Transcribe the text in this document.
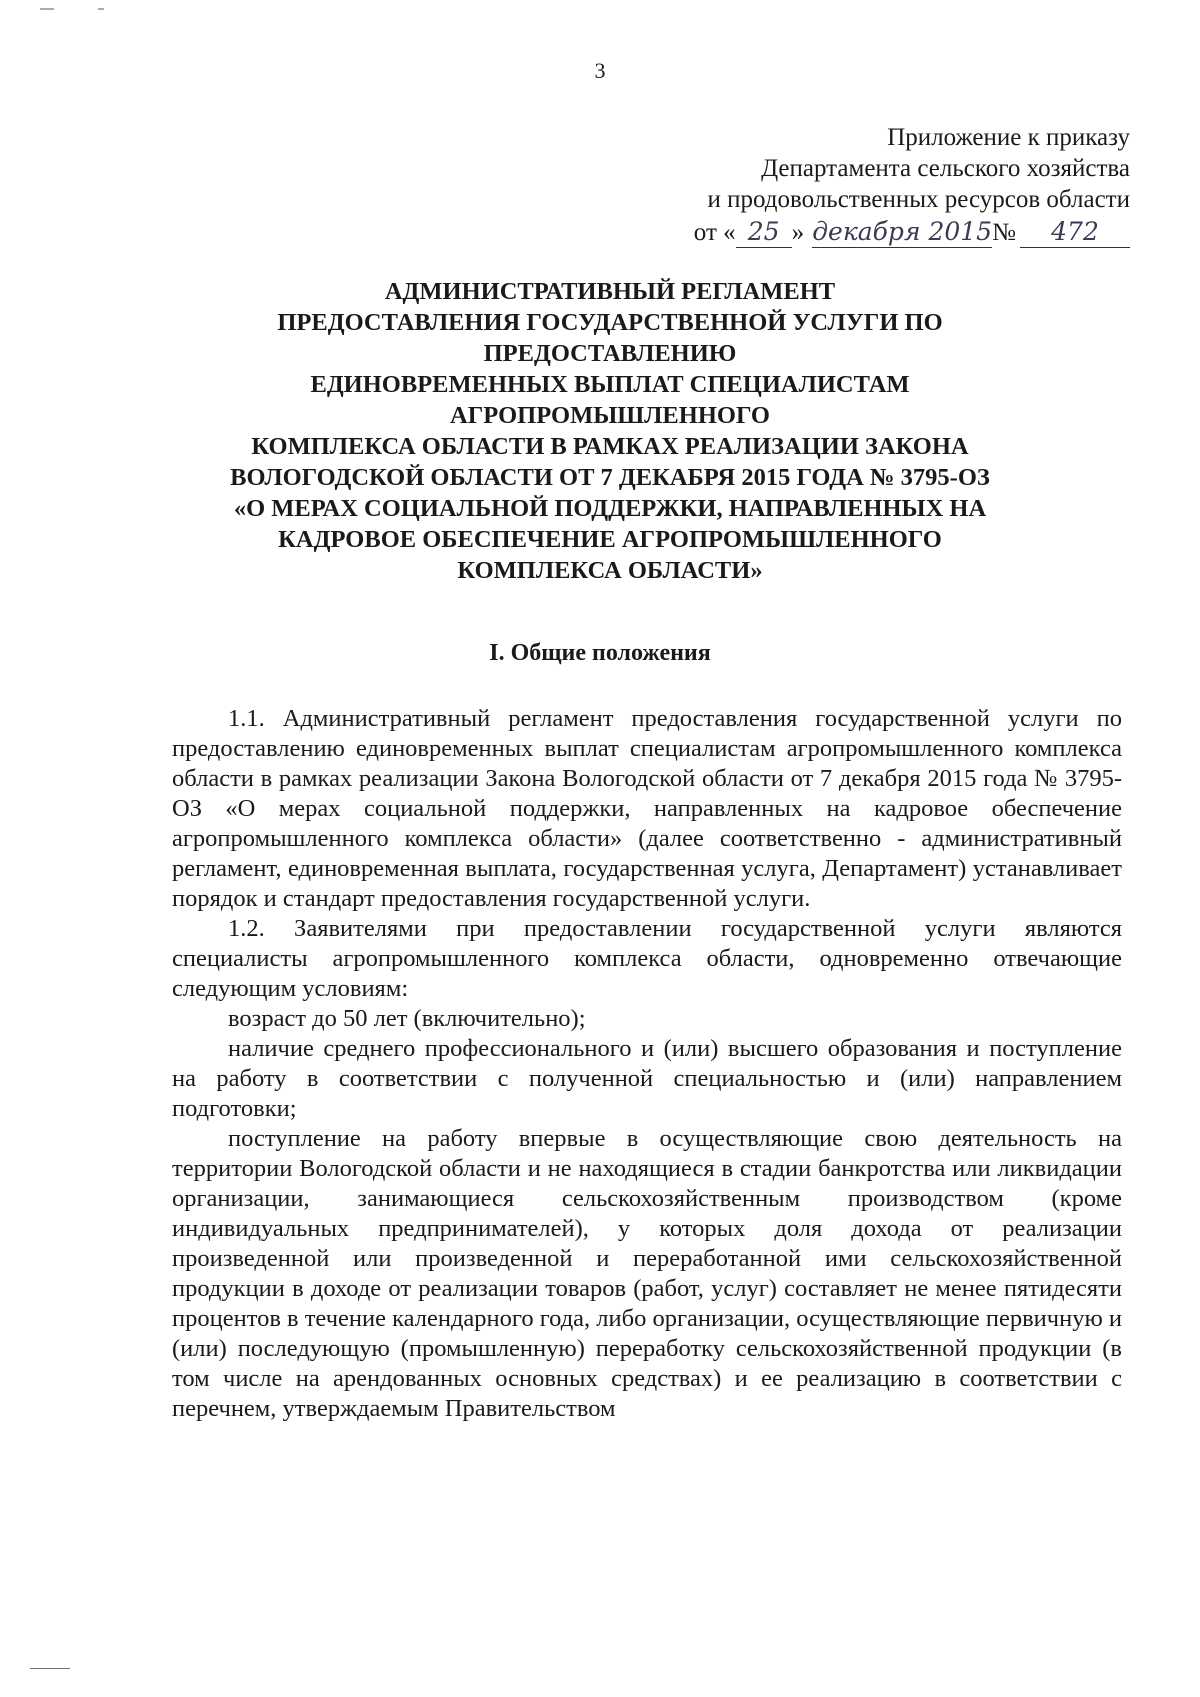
3
Приложение к приказу
Департамента сельского хозяйства
и продовольственных ресурсов области
от « 25 » декабря 2015№ 472
АДМИНИСТРАТИВНЫЙ РЕГЛАМЕНТ
ПРЕДОСТАВЛЕНИЯ ГОСУДАРСТВЕННОЙ УСЛУГИ ПО
ПРЕДОСТАВЛЕНИЮ
ЕДИНОВРЕМЕННЫХ ВЫПЛАТ СПЕЦИАЛИСТАМ
АГРОПРОМЫШЛЕННОГО
КОМПЛЕКСА ОБЛАСТИ В РАМКАХ РЕАЛИЗАЦИИ ЗАКОНА
ВОЛОГОДСКОЙ ОБЛАСТИ ОТ 7 ДЕКАБРЯ 2015 ГОДА № 3795-ОЗ
«О МЕРАХ СОЦИАЛЬНОЙ ПОДДЕРЖКИ, НАПРАВЛЕННЫХ НА
КАДРОВОЕ ОБЕСПЕЧЕНИЕ АГРОПРОМЫШЛЕННОГО
КОМПЛЕКСА ОБЛАСТИ»
I. Общие положения

1.1. Административный регламент предоставления государственной услуги по предоставлению единовременных выплат специалистам агропромышленного комплекса области в рамках реализации Закона Вологодской области от 7 декабря 2015 года № 3795-ОЗ «О мерах социальной поддержки, направленных на кадровое обеспечение агропромышленного комплекса области» (далее соответственно - административный регламент, единовременная выплата, государственная услуга, Департамент) устанавливает порядок и стандарт предоставления государственной услуги.

1.2. Заявителями при предоставлении государственной услуги являются специалисты агропромышленного комплекса области, одновременно отвечающие следующим условиям:

возраст до 50 лет (включительно);

наличие среднего профессионального и (или) высшего образования и поступление на работу в соответствии с полученной специальностью и (или) направлением подготовки;

поступление на работу впервые в осуществляющие свою деятельность на территории Вологодской области и не находящиеся в стадии банкротства или ликвидации организации, занимающиеся сельскохозяйственным производством (кроме индивидуальных предпринимателей), у которых доля дохода от реализации произведенной или произведенной и переработанной ими сельскохозяйственной продукции в доходе от реализации товаров (работ, услуг) составляет не менее пятидесяти процентов в течение календарного года, либо организации, осуществляющие первичную и (или) последующую (промышленную) переработку сельскохозяйственной продукции (в том числе на арендованных основных средствах) и ее реализацию в соответствии с перечнем, утверждаемым Правительством
